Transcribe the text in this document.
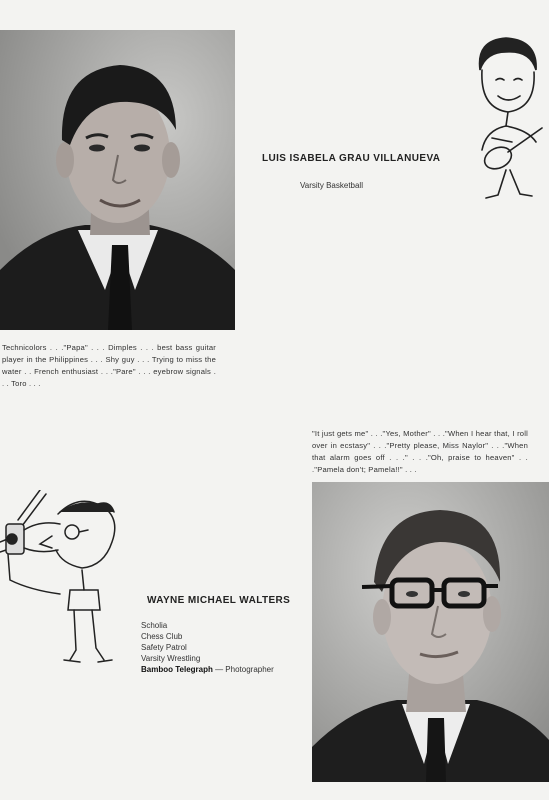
LUIS ISABELA GRAU VILLANUEVA
Varsity Basketball
Technicolors . . ."Papa" . . . Dimples . . . best bass guitar player in the Philippines . . . Shy guy . . . Trying to miss the water . . French enthusiast . . ."Pare" . . . eyebrow signals . . . Toro . . .
"It just gets me" . . ."Yes, Mother" . . ."When I hear that, I roll over in ecstasy" . . ."Pretty please, Miss Naylor" . . ."When that alarm goes off . . ." . . ."Oh, praise to heaven" . . ."Pamela don't; Pamela!!" . . .
WAYNE MICHAEL WALTERS
Scholia
Chess Club
Safety Patrol
Varsity Wrestling
Bamboo Telegraph — Photographer
